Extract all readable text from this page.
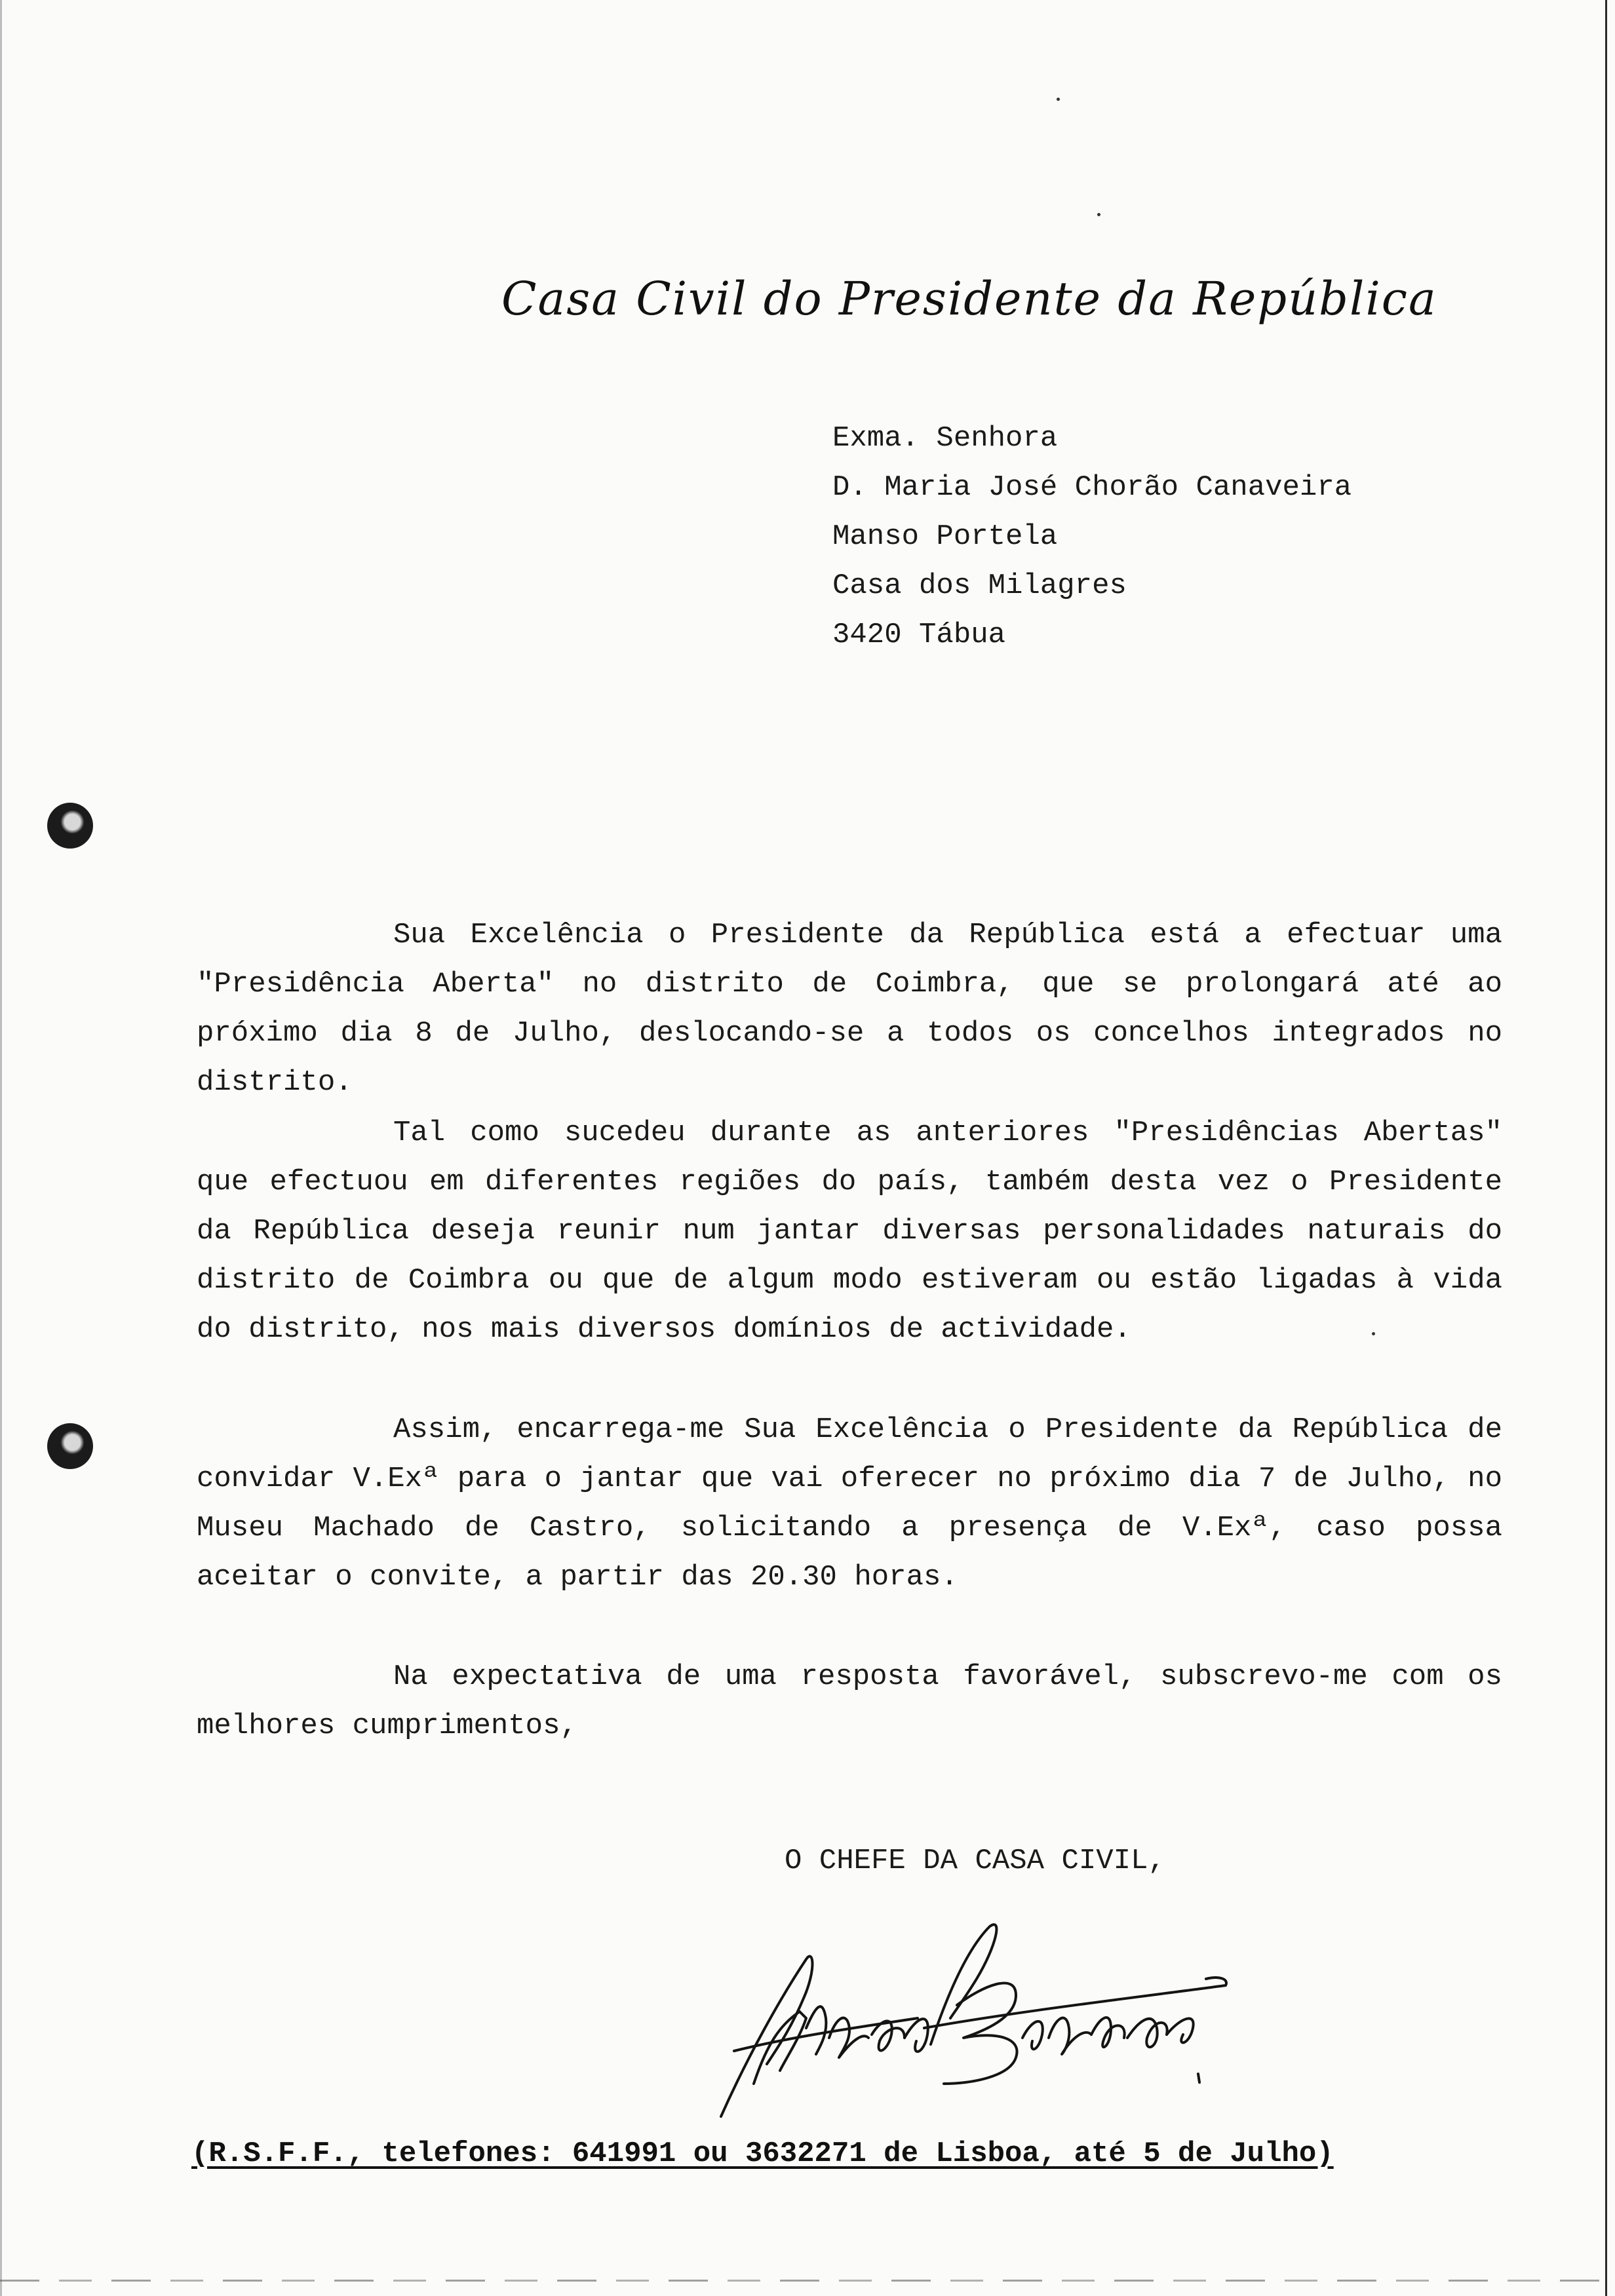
Casa Civil do Presidente da República
Exma. Senhora
D. Maria José Chorão Canaveira
Manso Portela
Casa dos Milagres
3420 Tábua
Sua Excelência o Presidente da República está a efectuar uma "Presidência Aberta" no distrito de Coimbra, que se prolongará até ao próximo dia 8 de Julho, deslocando-se a todos os concelhos integrados no distrito.
Tal como sucedeu durante as anteriores "Presidências Abertas" que efectuou em diferentes regiões do país, também desta vez o Presidente da República deseja reunir num jantar diversas personalidades naturais do distrito de Coimbra ou que de algum modo estiveram ou estão ligadas à vida do distrito, nos mais diversos domínios de actividade.
Assim, encarrega-me Sua Excelência o Presidente da República de convidar V.Exª para o jantar que vai oferecer no próximo dia 7 de Julho, no Museu Machado de Castro, solicitando a presença de V.Exª, caso possa aceitar o convite, a partir das 20.30 horas.
Na expectativa de uma resposta favorável, subscrevo-me com os melhores cumprimentos,
O CHEFE DA CASA CIVIL,
(R.S.F.F., telefones: 641991 ou 3632271 de Lisboa, até 5 de Julho)
